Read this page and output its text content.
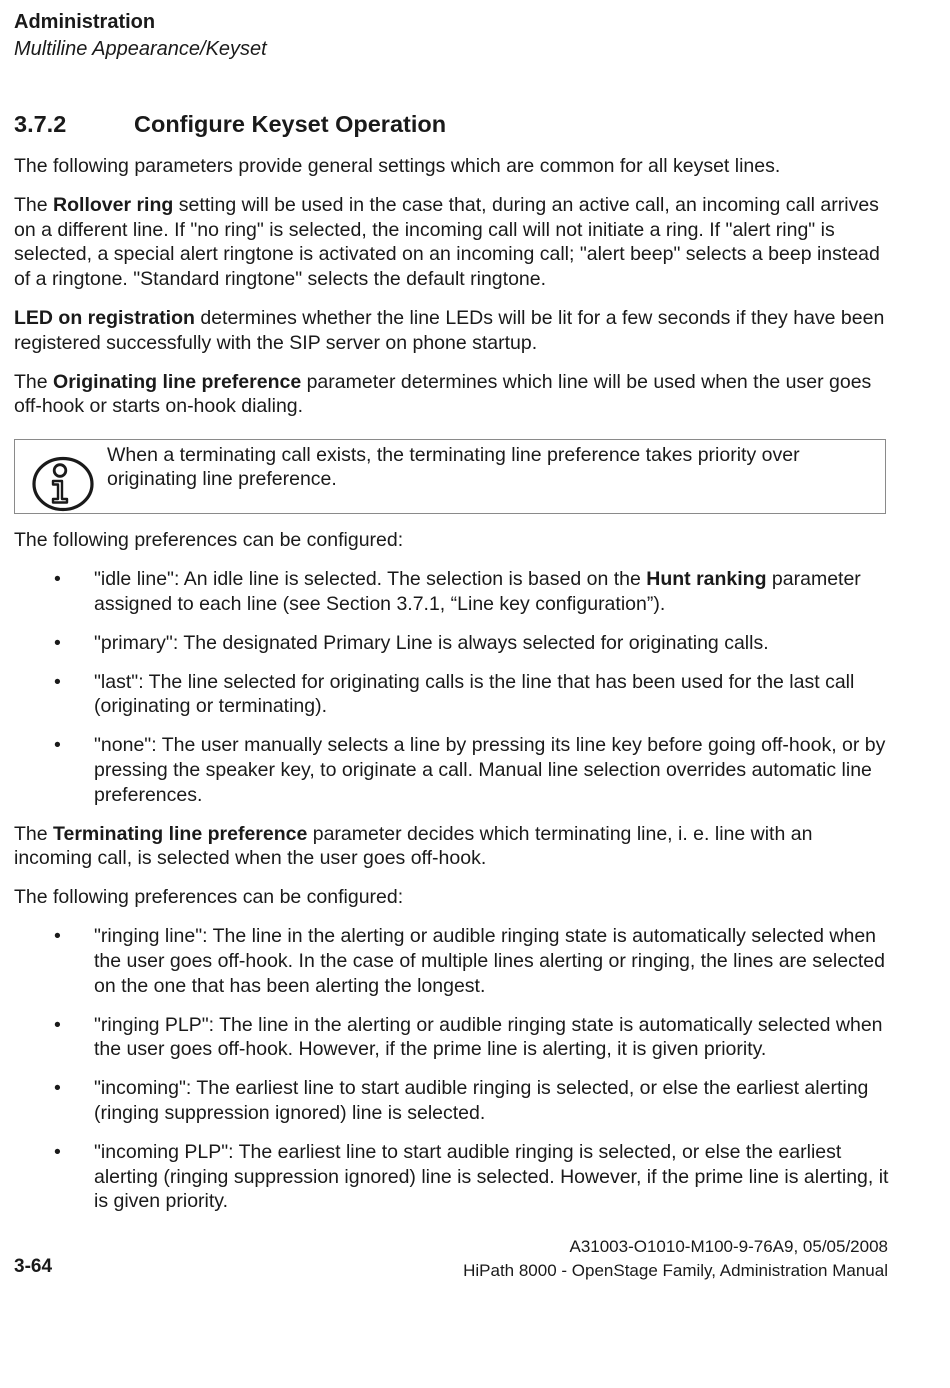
Administration
Multiline Appearance/Keyset
3.7.2	Configure Keyset Operation

The following parameters provide general settings which are common for all keyset lines.

The Rollover ring setting will be used in the case that, during an active call, an incoming call arrives on a different line. If "no ring" is selected, the incoming call will not initiate a ring. If "alert ring" is selected, a special alert ringtone is activated on an incoming call; "alert beep" selects a beep instead of a ringtone. "Standard ringtone" selects the default ringtone.

LED on registration determines whether the line LEDs will be lit for a few seconds if they have been registered successfully with the SIP server on phone startup.

The Originating line preference parameter determines which line will be used when the user goes off-hook or starts on-hook dialing.

When a terminating call exists, the terminating line preference takes priority over originating line preference.

The following preferences can be configured:

• "idle line": An idle line is selected. The selection is based on the Hunt ranking parameter assigned to each line (see Section 3.7.1, “Line key configuration”).
• "primary": The designated Primary Line is always selected for originating calls.
• "last": The line selected for originating calls is the line that has been used for the last call (originating or terminating).
• "none": The user manually selects a line by pressing its line key before going off-hook, or by pressing the speaker key, to originate a call. Manual line selection overrides automatic line preferences.

The Terminating line preference parameter decides which terminating line, i. e. line with an incoming call, is selected when the user goes off-hook.

The following preferences can be configured:

• "ringing line": The line in the alerting or audible ringing state is automatically selected when the user goes off-hook. In the case of multiple lines alerting or ringing, the lines are selected on the one that has been alerting the longest.
• "ringing PLP": The line in the alerting or audible ringing state is automatically selected when the user goes off-hook. However, if the prime line is alerting, it is given priority.
• "incoming": The earliest line to start audible ringing is selected, or else the earliest alerting (ringing suppression ignored) line is selected.
• "incoming PLP": The earliest line to start audible ringing is selected, or else the earliest alerting (ringing suppression ignored) line is selected. However, if the prime line is alerting, it is given priority.
A31003-O1010-M100-9-76A9, 05/05/2008
HiPath 8000 - OpenStage Family, Administration Manual
3-64
